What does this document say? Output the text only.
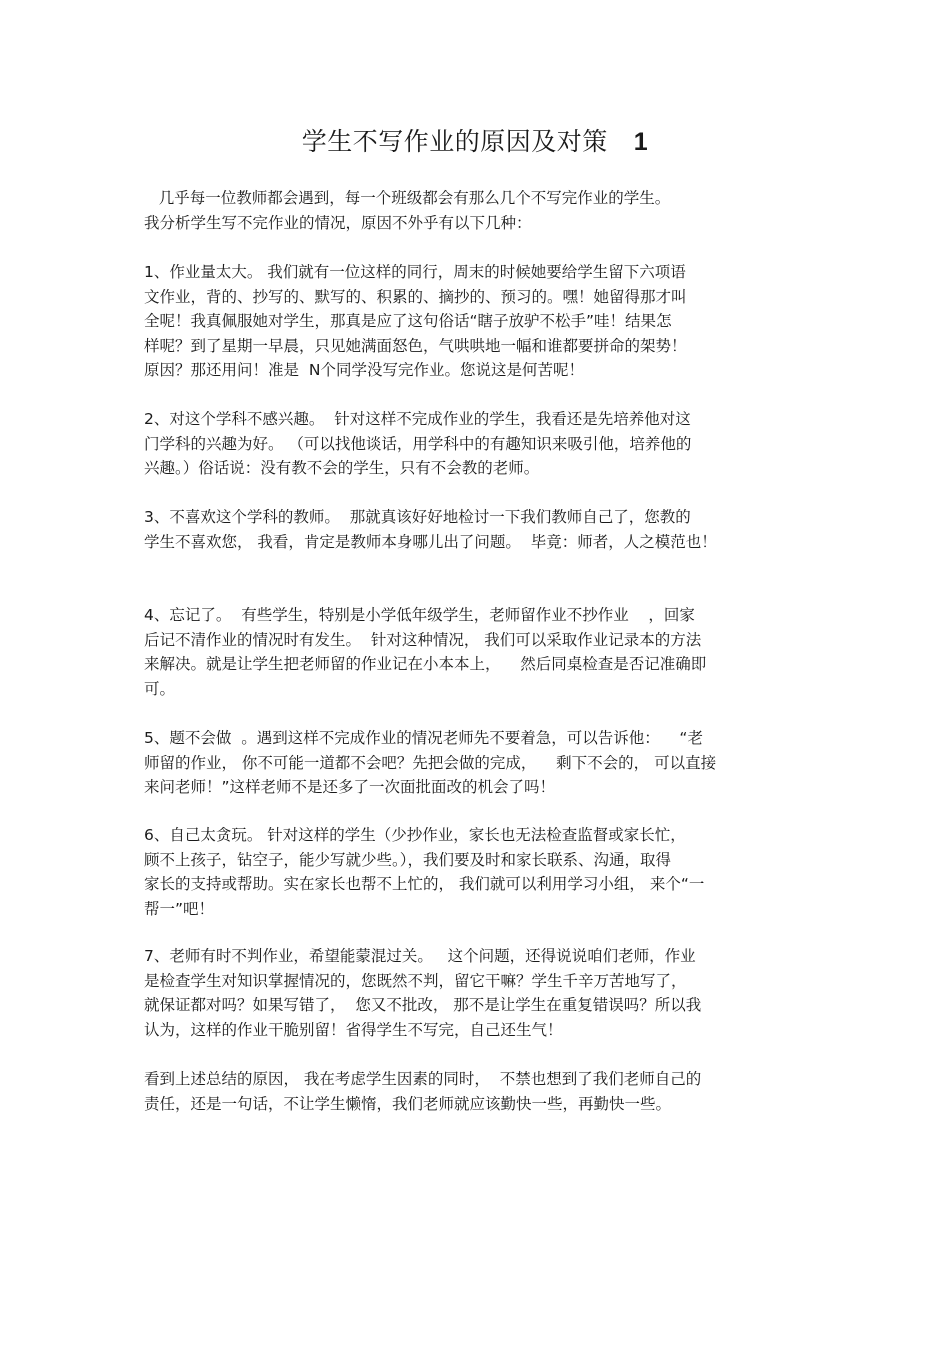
学生不写作业的原因及对策 1
几乎每一位教师都会遇到，每一个班级都会有那么几个不写完作业的学生。
我分析学生写不完作业的情况，原因不外乎有以下几种：
1、作业量太大。 我们就有一位这样的同行，周末的时候她要给学生留下六项语
文作业，背的、抄写的、默写的、积累的、摘抄的、预习的。嘿！她留得那才叫
全呢！我真佩服她对学生，那真是应了这句俗话“瞎子放驴不松手”哇！结果怎
样呢？到了星期一早晨，只见她满面怒色，气哄哄地一幅和谁都要拼命的架势！
原因？那还用问！准是  N个同学没写完作业。您说这是何苦呢！
2、对这个学科不感兴趣。  针对这样不完成作业的学生，我看还是先培养他对这
门学科的兴趣为好。 （可以找他谈话，用学科中的有趣知识来吸引他，培养他的
兴趣。）俗话说：没有教不会的学生，只有不会教的老师。
3、不喜欢这个学科的教师。  那就真该好好地检讨一下我们教师自己了，您教的
学生不喜欢您， 我看，肯定是教师本身哪儿出了问题。  毕竟：师者，人之模范也！
4、忘记了。  有些学生，特别是小学低年级学生，老师留作业不抄作业    ，回家
后记不清作业的情况时有发生。  针对这种情况， 我们可以采取作业记录本的方法
来解决。就是让学生把老师留的作业记在小本本上，    然后同桌检查是否记准确即
可。
5、题不会做  。遇到这样不完成作业的情况老师先不要着急，可以告诉他：    “老
师留的作业， 你不可能一道都不会吧？先把会做的完成，    剩下不会的， 可以直接
来问老师！”这样老师不是还多了一次面批面改的机会了吗！
6、自己太贪玩。 针对这样的学生（少抄作业，家长也无法检查监督或家长忙，
顾不上孩子，钻空子，能少写就少些。），我们要及时和家长联系、沟通，取得
家长的支持或帮助。实在家长也帮不上忙的， 我们就可以利用学习小组， 来个“一
帮一”吧！
7、老师有时不判作业，希望能蒙混过关。   这个问题，还得说说咱们老师，作业
是检查学生对知识掌握情况的，您既然不判，留它干嘛？学生千辛万苦地写了，
就保证都对吗？如果写错了，  您又不批改， 那不是让学生在重复错误吗？所以我
认为，这样的作业干脆别留！省得学生不写完，自己还生气！
看到上述总结的原因， 我在考虑学生因素的同时，  不禁也想到了我们老师自己的
责任，还是一句话，不让学生懒惰，我们老师就应该勤快一些，再勤快一些。
